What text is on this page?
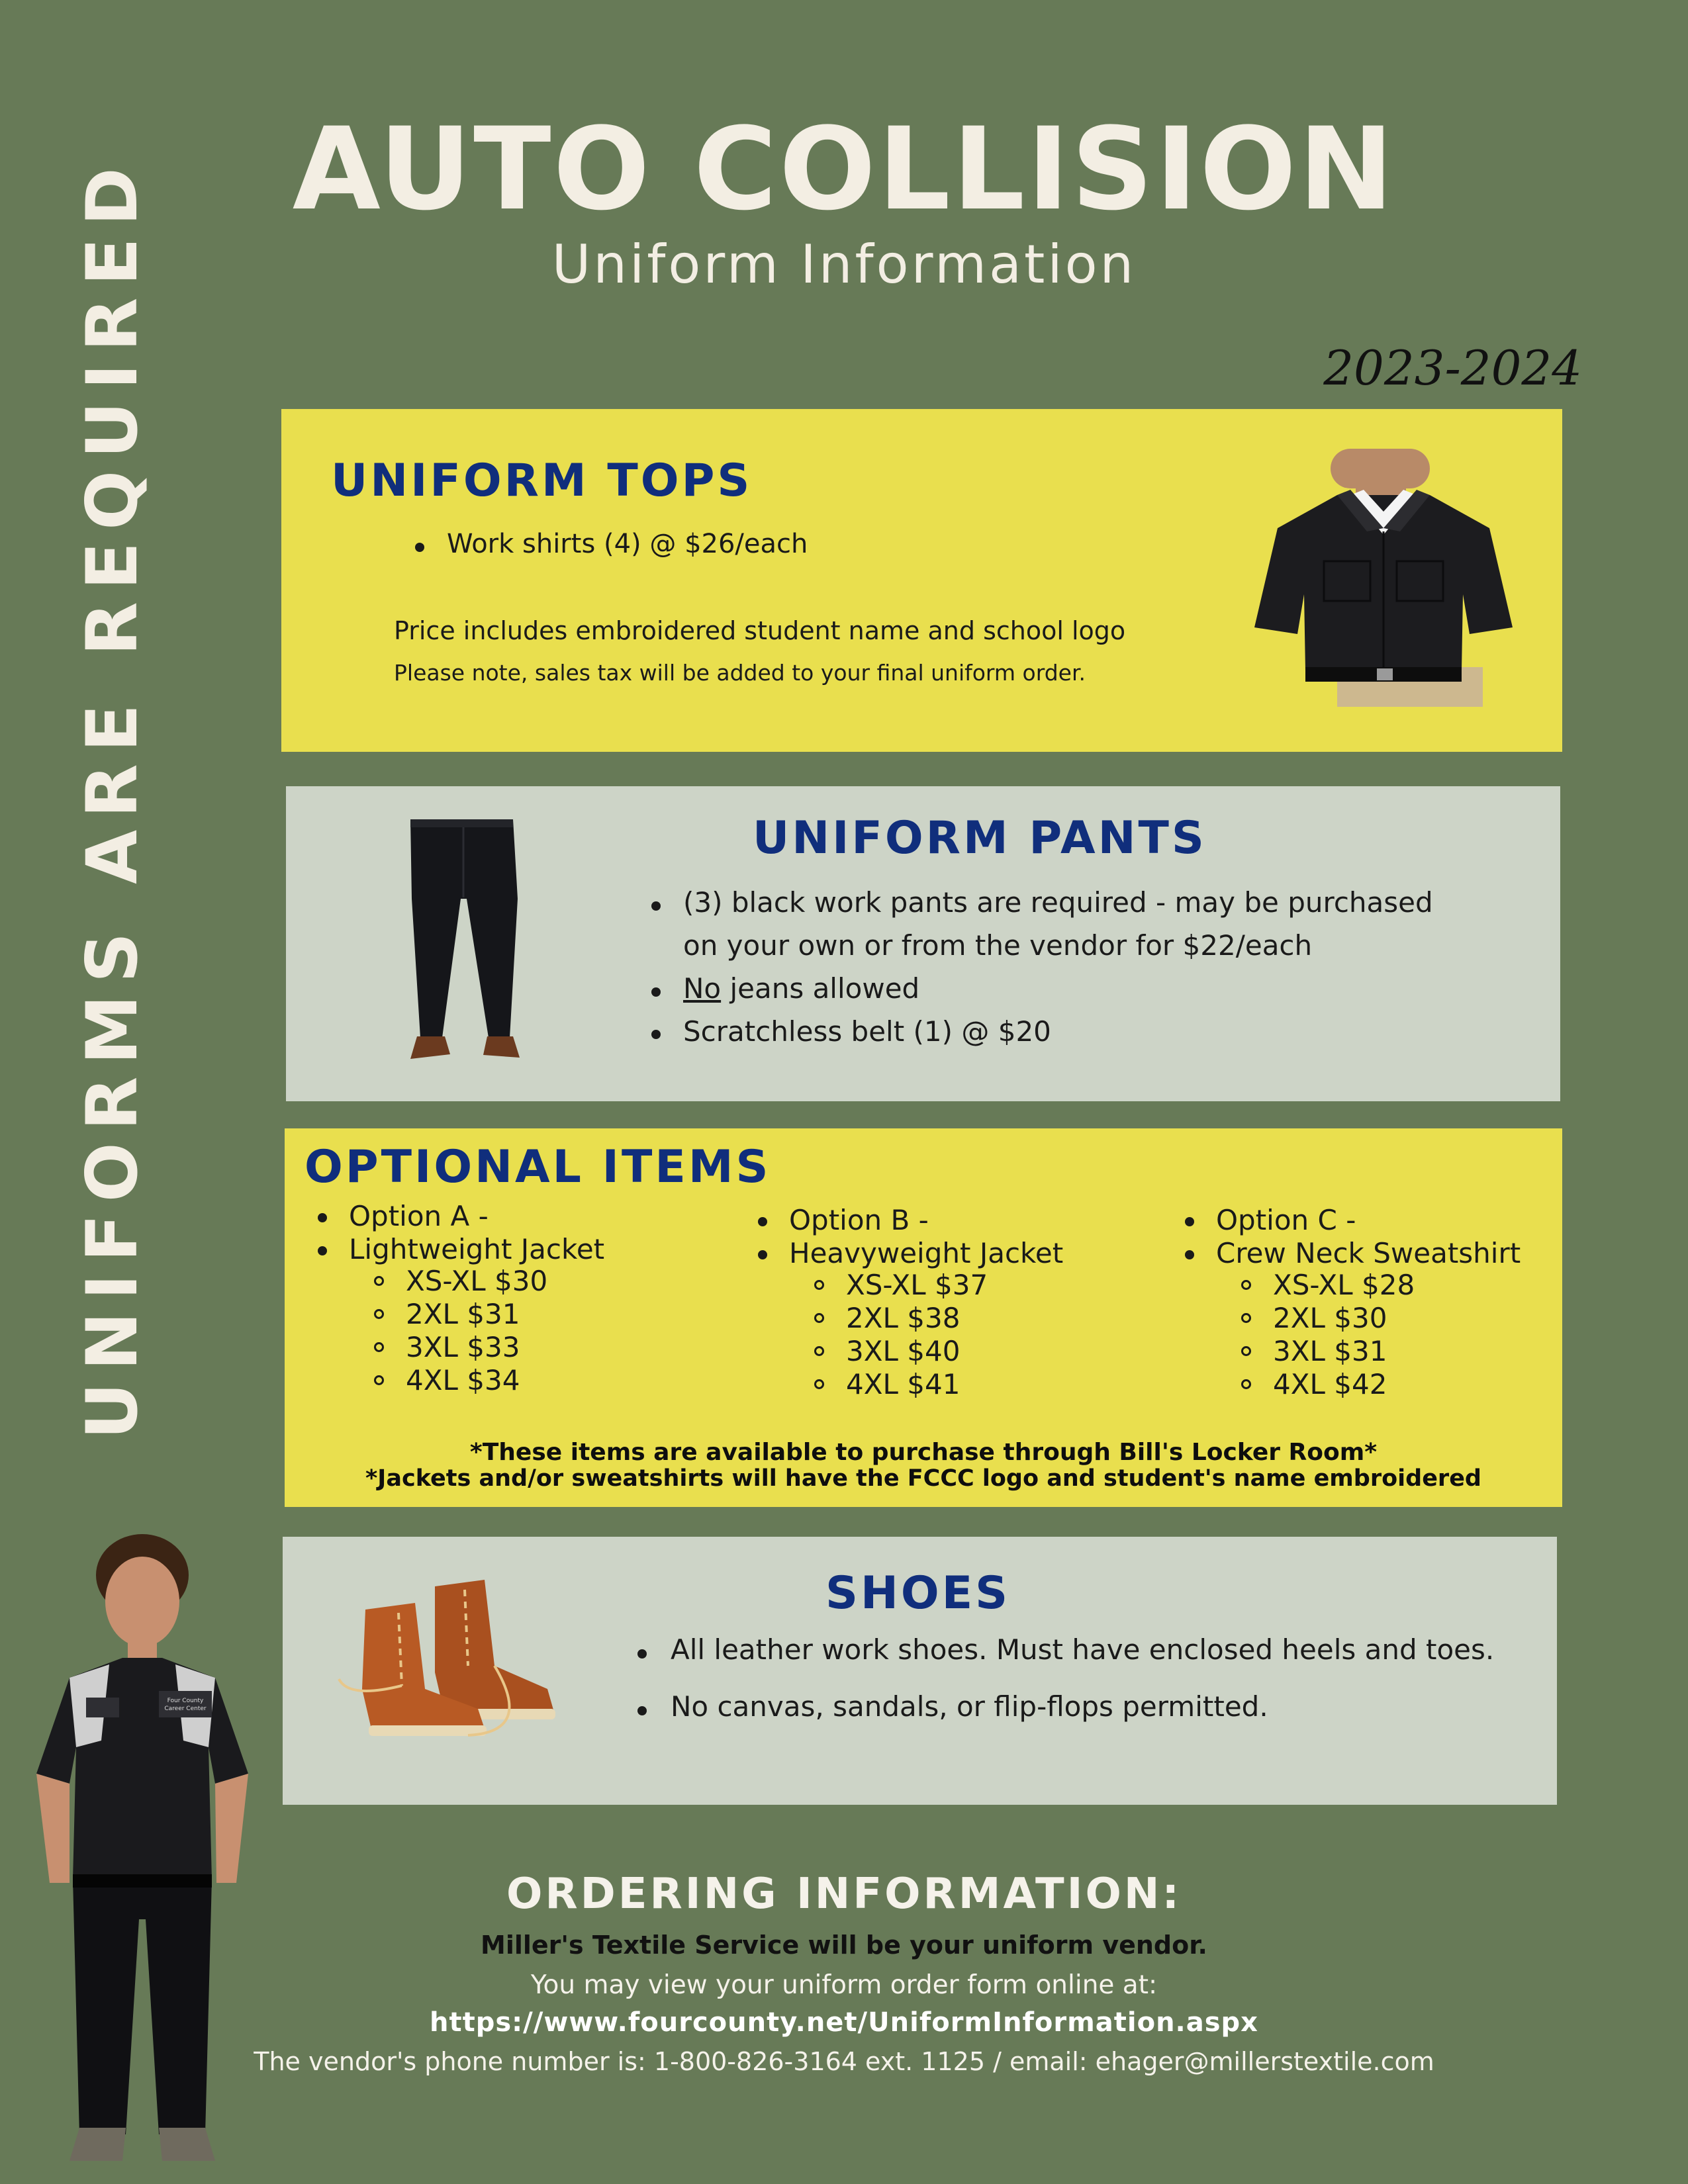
AUTO COLLISION
Uniform Information
2023-2024
UNIFORMS ARE REQUIRED	UNIFORM TOPS
Work shirts (4) @ $26/each
Price includes embroidered student name and school logo
Please note, sales tax will be added to your final uniform order.
UNIFORM PANTS
(3) black work pants are required - may be purchased
on your own or from the vendor for $22/each
No jeans allowed
Scratchless belt (1) @ $20
OPTIONAL ITEMS
Option A -
Lightweight Jacket
XS-XL $30
2XL $31
3XL $33
4XL $34
Option B -
Heavyweight Jacket
XS-XL $37
2XL $38
3XL $40
4XL $41
Option C -
Crew Neck Sweatshirt
XS-XL $28
2XL $30
3XL $31
4XL $42
*These items are available to purchase through Bill's Locker Room*
*Jackets and/or sweatshirts will have the FCCC logo and student's name embroidered
SHOES
All leather work shoes. Must have enclosed heels and toes.
No canvas, sandals, or flip-flops permitted.
Four County
Career Center
ORDERING INFORMATION:
Miller's Textile Service will be your uniform vendor.
You may view your uniform order form online at:
https://www.fourcounty.net/UniformInformation.aspx
The vendor's phone number is: 1-800-826-3164 ext. 1125 / email: ehager@millerstextile.com
